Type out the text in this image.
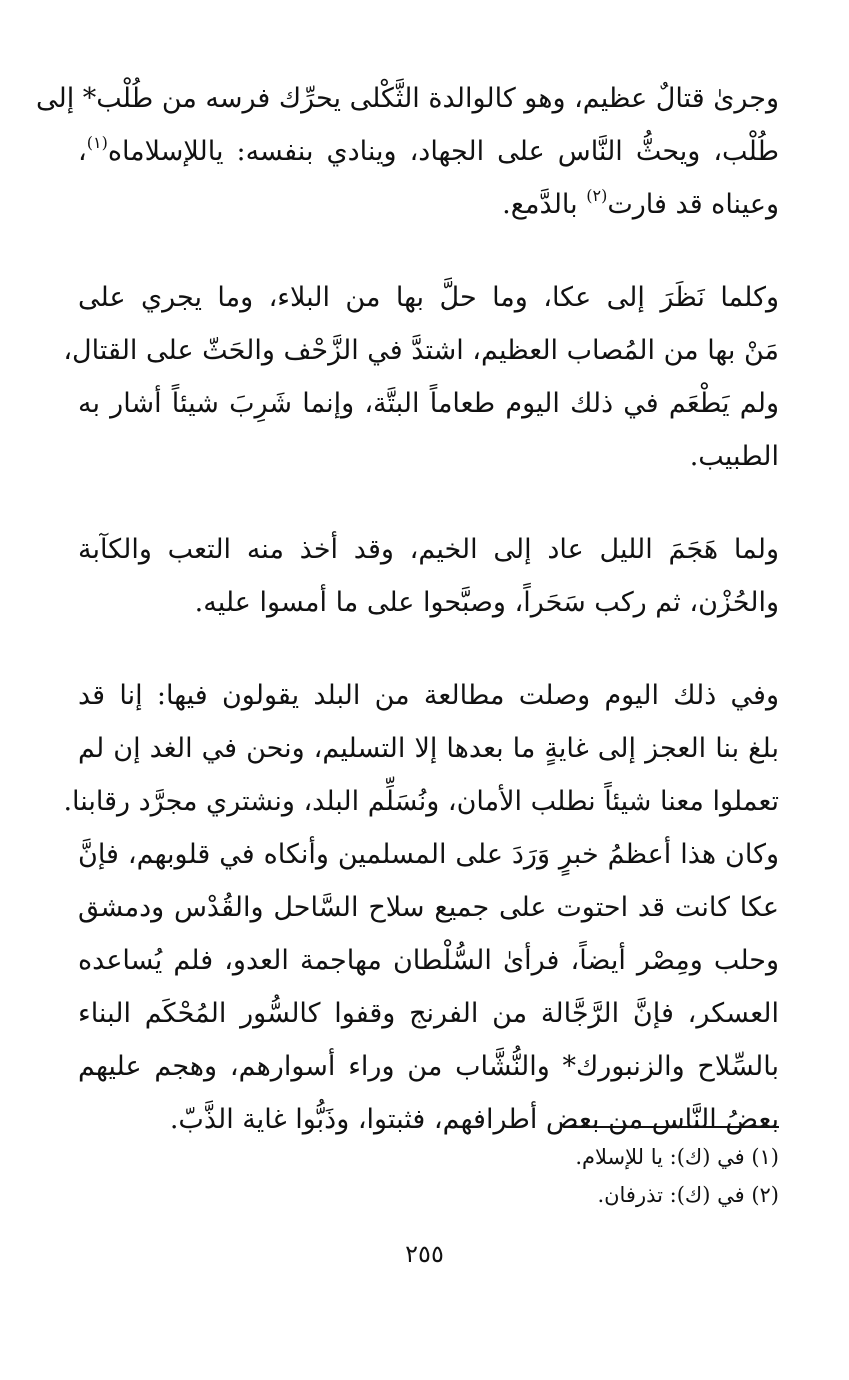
وجرىٰ قتالٌ عظيم، وهو كالوالدة الثَّكْلى يحرِّك فرسه من طُلْب* إلى
طُلْب، ويحثُّ النَّاس على الجهاد، وينادي بنفسه: ياللإسلاماه$^{(١)}$،
وعيناه قد فارت$^{(٢)}$ بالدَّمع.
وكلما نَظَرَ إلى عكا، وما حلَّ بها من البلاء، وما يجري على
مَنْ بها من المُصاب العظيم، اشتدَّ في الزَّحْف والحَثّ على القتال،
ولم يَطْعَم في ذلك اليوم طعاماً البتَّة، وإنما شَرِبَ شيئاً أشار به
الطبيب.
ولما هَجَمَ الليل عاد إلى الخيم، وقد أخذ منه التعب والكآبة
والحُزْن، ثم ركب سَحَراً، وصبَّحوا على ما أمسوا عليه.
وفي ذلك اليوم وصلت مطالعة من البلد يقولون فيها: إنا قد
بلغ بنا العجز إلى غايةٍ ما بعدها إلا التسليم، ونحن في الغد إن لم
تعملوا معنا شيئاً نطلب الأمان، ونُسَلِّم البلد، ونشتري مجرَّد رقابنا.
وكان هذا أعظمُ خبرٍ وَرَدَ على المسلمين وأنكاه في قلوبهم، فإنَّ
عكا كانت قد احتوت على جميع سلاح السَّاحل والقُدْس ودمشق
وحلب ومِصْر أيضاً، فرأىٰ السُّلْطان مهاجمة العدو، فلم يُساعده
العسكر، فإنَّ الرَّجَّالة من الفرنج وقفوا كالسُّور المُحْكَم البناء
بالسِّلاح والزنبورك* والنُّشَّاب من وراء أسوارهم، وهجم عليهم
بعضُ النَّاس من بعض أطرافهم، فثبتوا، وذَبُّوا غاية الذَّبّ.
(١) في (ك): يا للإسلام.
(٢) في (ك): تذرفان.
٢٥٥
